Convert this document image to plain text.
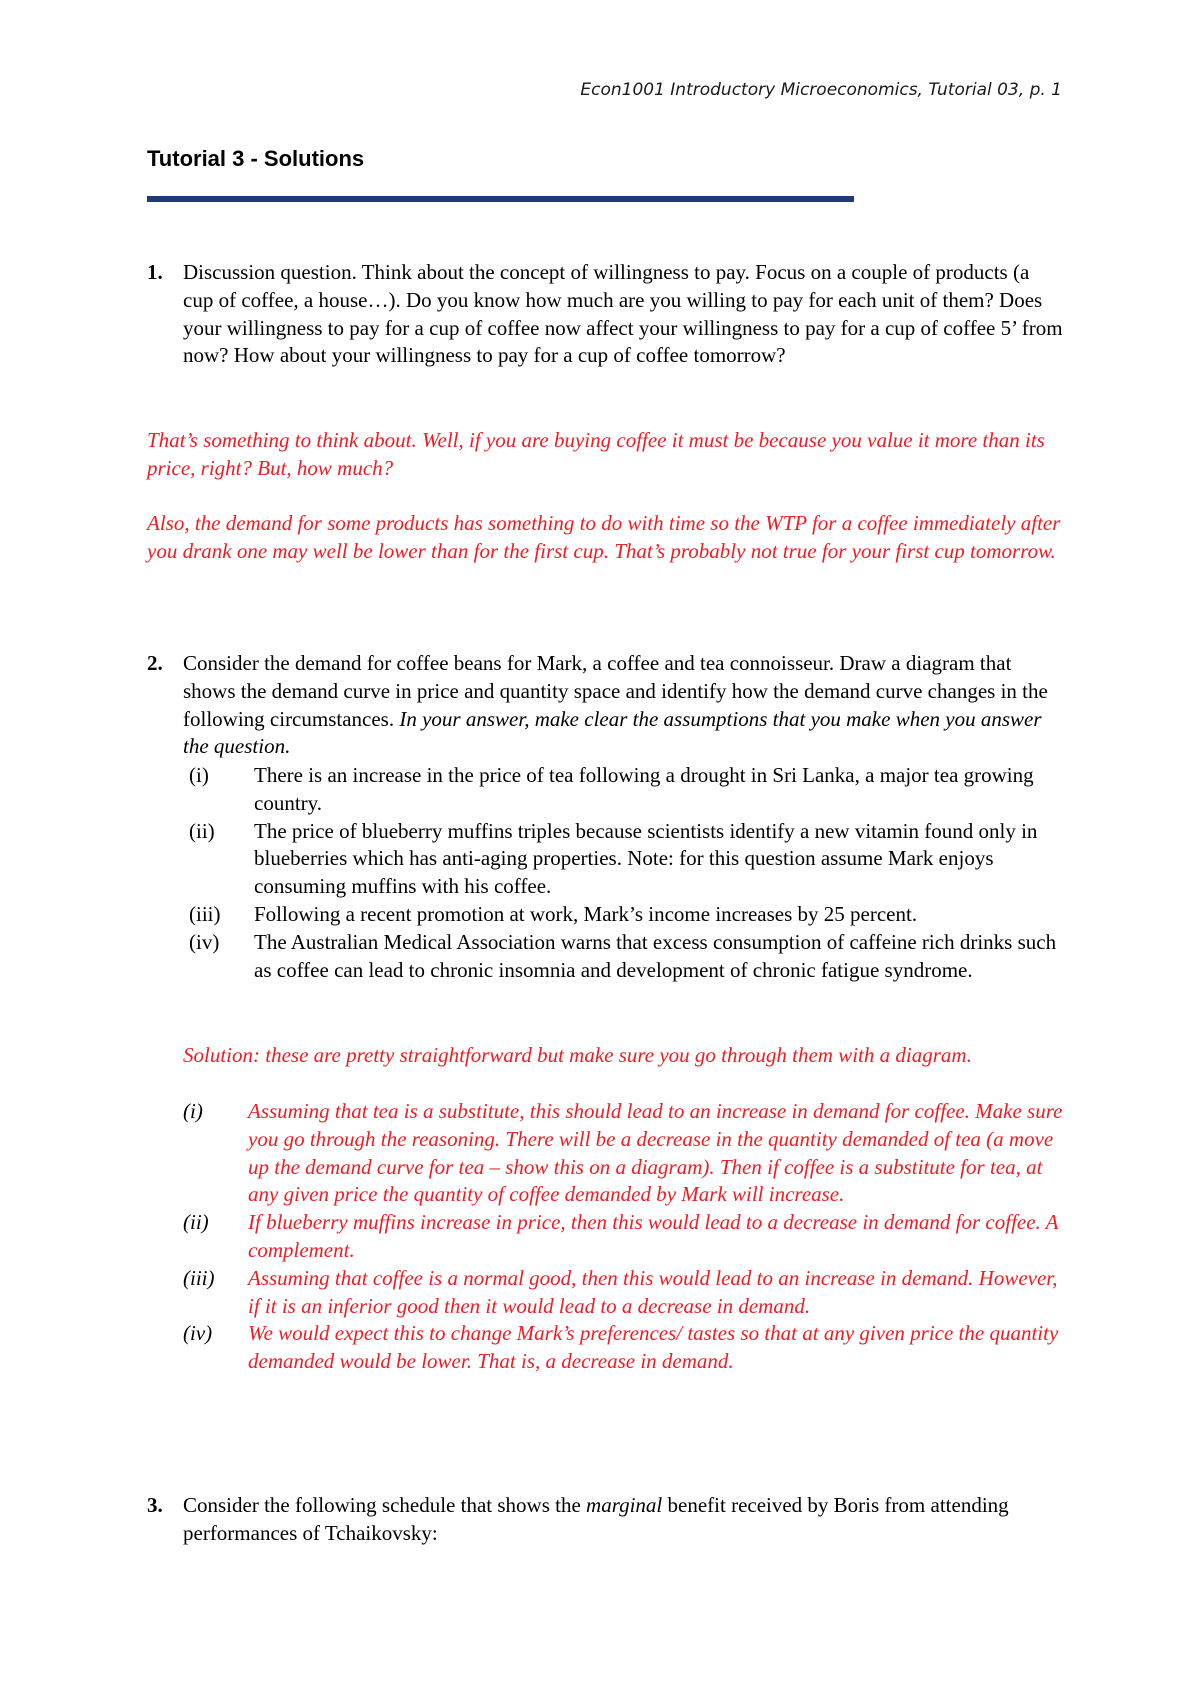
Econ1001 Introductory Microeconomics, Tutorial 03, p. 1
Tutorial 3 - Solutions
1. Discussion question. Think about the concept of willingness to pay. Focus on a couple of products (a cup of coffee, a house…). Do you know how much are you willing to pay for each unit of them? Does your willingness to pay for a cup of coffee now affect your willingness to pay for a cup of coffee 5’ from now? How about your willingness to pay for a cup of coffee tomorrow?
That’s something to think about. Well, if you are buying coffee it must be because you value it more than its price, right? But, how much?
Also, the demand for some products has something to do with time so the WTP for a coffee immediately after you drank one may well be lower than for the first cup. That’s probably not true for your first cup tomorrow.
2. Consider the demand for coffee beans for Mark, a coffee and tea connoisseur. Draw a diagram that shows the demand curve in price and quantity space and identify how the demand curve changes in the following circumstances. In your answer, make clear the assumptions that you make when you answer the question.
(i)	There is an increase in the price of tea following a drought in Sri Lanka, a major tea growing country.
(ii)	The price of blueberry muffins triples because scientists identify a new vitamin found only in blueberries which has anti-aging properties. Note: for this question assume Mark enjoys consuming muffins with his coffee.
(iii)	Following a recent promotion at work, Mark’s income increases by 25 percent.
(iv)	The Australian Medical Association warns that excess consumption of caffeine rich drinks such as coffee can lead to chronic insomnia and development of chronic fatigue syndrome.
Solution: these are pretty straightforward but make sure you go through them with a diagram.
(i)	Assuming that tea is a substitute, this should lead to an increase in demand for coffee. Make sure you go through the reasoning. There will be a decrease in the quantity demanded of tea (a move up the demand curve for tea – show this on a diagram). Then if coffee is a substitute for tea, at any given price the quantity of coffee demanded by Mark will increase.
(ii)	If blueberry muffins increase in price, then this would lead to a decrease in demand for coffee. A complement.
(iii)	Assuming that coffee is a normal good, then this would lead to an increase in demand. However, if it is an inferior good then it would lead to a decrease in demand.
(iv)	We would expect this to change Mark’s preferences/ tastes so that at any given price the quantity demanded would be lower. That is, a decrease in demand.
3. Consider the following schedule that shows the marginal benefit received by Boris from attending performances of Tchaikovsky:
